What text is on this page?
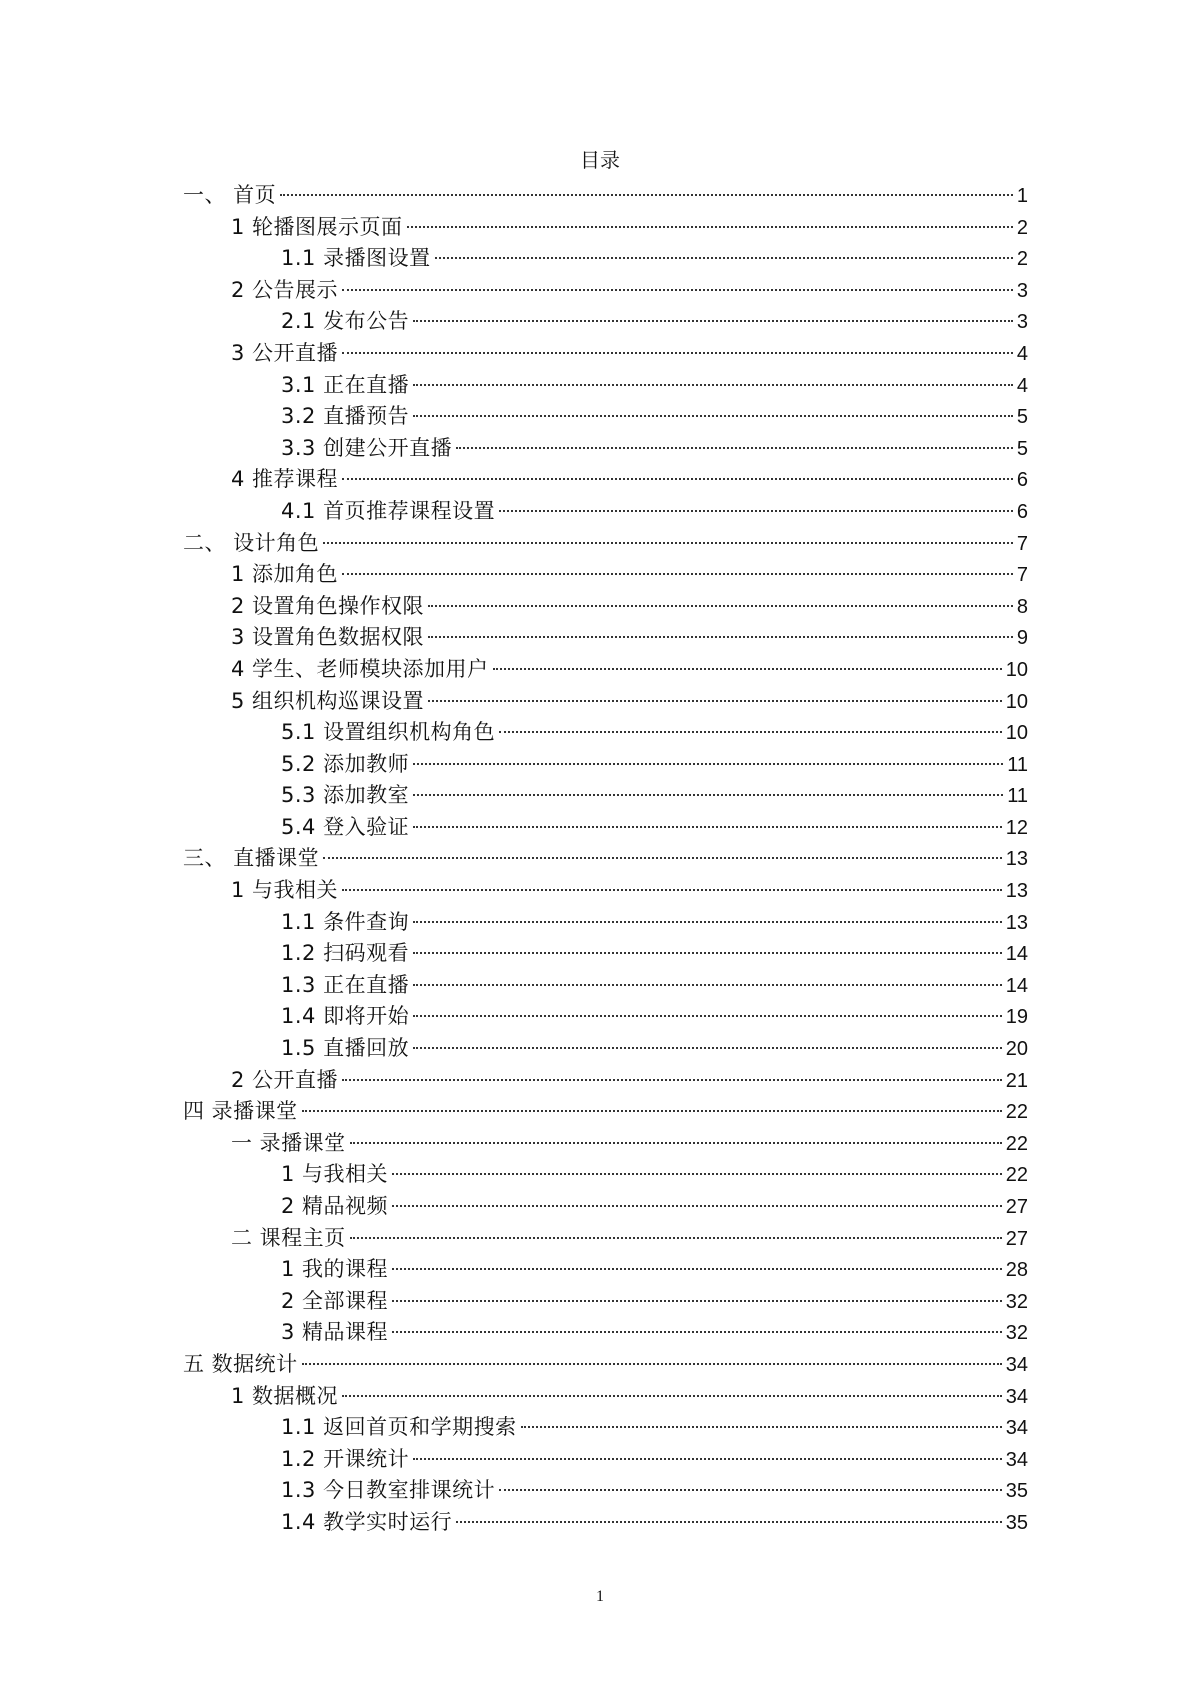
目录
一、 首页	1
1 轮播图展示页面	2
1.1 录播图设置	2
2 公告展示	3
2.1 发布公告	3
3 公开直播	4
3.1 正在直播	4
3.2 直播预告	5
3.3 创建公开直播	5
4 推荐课程	6
4.1 首页推荐课程设置	6
二、 设计角色	7
1 添加角色	7
2 设置角色操作权限	8
3 设置角色数据权限	9
4 学生、老师模块添加用户	10
5 组织机构巡课设置	10
5.1 设置组织机构角色	10
5.2 添加教师	11
5.3 添加教室	11
5.4 登入验证	12
三、 直播课堂	13
1 与我相关	13
1.1 条件查询	13
1.2 扫码观看	14
1.3 正在直播	14
1.4 即将开始	19
1.5 直播回放	20
2 公开直播	21
四 录播课堂	22
一 录播课堂	22
1 与我相关	22
2 精品视频	27
二 课程主页	27
1 我的课程	28
2 全部课程	32
3 精品课程	32
五 数据统计	34
1 数据概况	34
1.1 返回首页和学期搜索	34
1.2 开课统计	34
1.3 今日教室排课统计	35
1.4 教学实时运行	35
1
